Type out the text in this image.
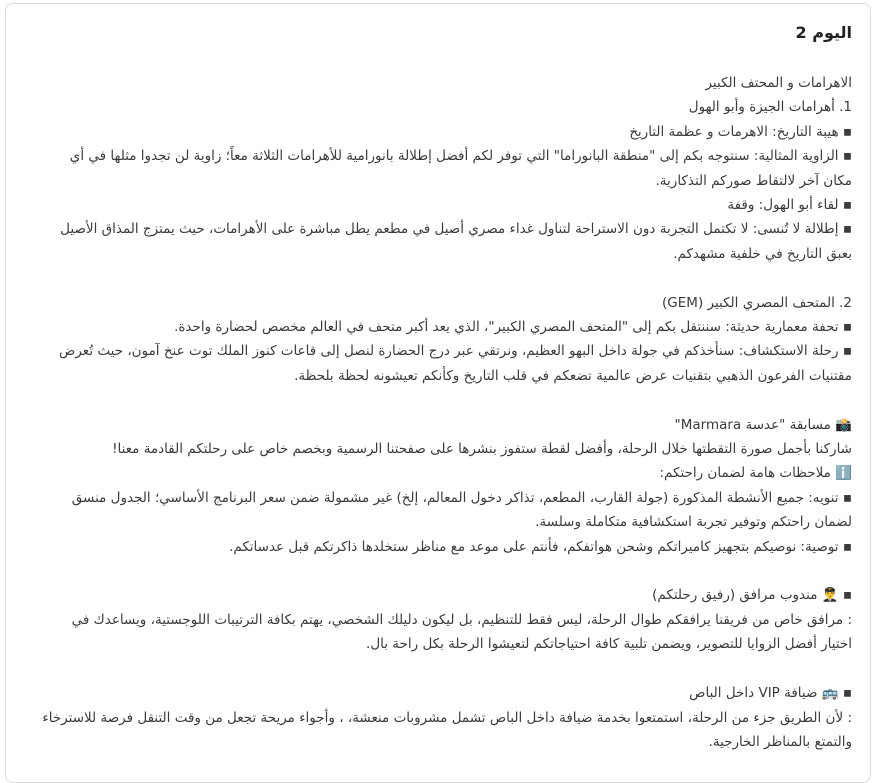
اليوم 2

الاهرامات و المحتف الكبير

1. أهرامات الجيزة وأبو الهول

▪ هيبة التاريخ: الاهرمات و عظمة التاريخ

▪ الزاوية المثالية: سنتوجه بكم إلى "منطقة البانوراما" التي توفر لكم أفضل إطلالة بانورامية للأهرامات الثلاثة معاً؛ زاوية لن تجدوا مثلها في أي مكان آخر لالتقاط صوركم التذكارية.

▪ لقاء أبو الهول: وقفة

▪ إطلالة لا تُنسى: لا تكتمل التجربة دون الاستراحة لتناول غداء مصري أصيل في مطعم يطل مباشرة على الأهرامات، حيث يمتزج المذاق الأصيل بعبق التاريخ في خلفية مشهدكم.

2. المتحف المصري الكبير (GEM)

▪ تحفة معمارية حديثة: سننتقل بكم إلى "المتحف المصري الكبير"، الذي يعد أكبر متحف في العالم مخصص لحضارة واحدة.

▪ رحلة الاستكشاف: سنأخذكم في جولة داخل البهو العظيم، ونرتقي عبر درج الحضارة لنصل إلى قاعات كنوز الملك توت عنخ آمون، حيث تُعرض مقتنيات الفرعون الذهبي بتقنيات عرض عالمية تضعكم في قلب التاريخ وكأنكم تعيشونه لحظة بلحظة.

📸 مسابقة "عدسة Marmara"

شاركنا بأجمل صورة التقطتها خلال الرحلة، وأفضل لقطة ستفوز بنشرها على صفحتنا الرسمية وبخصم خاص على رحلتكم القادمة معنا!

ℹ️ ملاحظات هامة لضمان راحتكم:

▪ تنويه: جميع الأنشطة المذكورة (جولة القارب، المطعم، تذاكر دخول المعالم، إلخ) غير مشمولة ضمن سعر البرنامج الأساسي؛ الجدول منسق لضمان راحتكم وتوفير تجربة استكشافية متكاملة وسلسة.

▪ توصية: نوصيكم بتجهيز كاميراتكم وشحن هواتفكم، فأنتم على موعد مع مناظر ستخلدها ذاكرتكم قبل عدساتكم.

▪ 👨‍✈️ مندوب مرافق (رفيق رحلتكم)

: مرافق خاص من فريقنا يرافقكم طوال الرحلة، ليس فقط للتنظيم، بل ليكون دليلك الشخصي، يهتم بكافة الترتيبات اللوجستية، ويساعدك في اختيار أفضل الزوايا للتصوير، ويضمن تلبية كافة احتياجاتكم لتعيشوا الرحلة بكل راحة بال.

▪ 🚌 ضيافة VIP داخل الباص

: لأن الطريق جزء من الرحلة، استمتعوا بخدمة ضيافة داخل الباص تشمل مشروبات منعشة، ، وأجواء مريحة تجعل من وقت التنقل فرصة للاسترخاء والتمتع بالمناظر الخارجية.
